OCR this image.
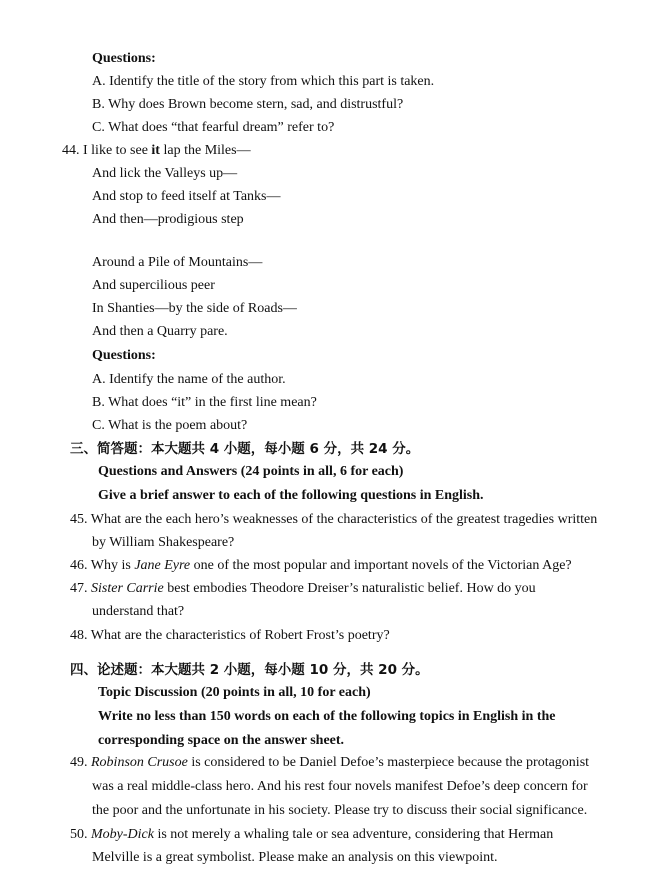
Questions:
A. Identify the title of the story from which this part is taken.
B. Why does Brown become stern, sad, and distrustful?
C. What does “that fearful dream” refer to?
44. I like to see it lap the Miles—
And lick the Valleys up—
And stop to feed itself at Tanks—
And then—prodigious step
Around a Pile of Mountains—
And supercilious peer
In Shanties—by the side of Roads—
And then a Quarry pare.
Questions:
A. Identify the name of the author.
B. What does “it” in the first line mean?
C. What is the poem about?
三、简答题：本大题共 4 小题，每小题 6 分，共 24 分。
Questions and Answers (24 points in all, 6 for each)
Give a brief answer to each of the following questions in English.
45. What are the each hero’s weaknesses of the characteristics of the greatest tragedies written
by William Shakespeare?
46. Why is Jane Eyre one of the most popular and important novels of the Victorian Age?
47. Sister Carrie best embodies Theodore Dreiser’s naturalistic belief. How do you
understand that?
48. What are the characteristics of Robert Frost’s poetry?
四、论述题：本大题共 2 小题，每小题 10 分，共 20 分。
Topic Discussion (20 points in all, 10 for each)
Write no less than 150 words on each of the following topics in English in the
corresponding space on the answer sheet.
49. Robinson Crusoe is considered to be Daniel Defoe’s masterpiece because the protagonist
was a real middle-class hero. And his rest four novels manifest Defoe’s deep concern for
the poor and the unfortunate in his society. Please try to discuss their social significance.
50. Moby-Dick is not merely a whaling tale or sea adventure, considering that Herman
Melville is a great symbolist. Please make an analysis on this viewpoint.
